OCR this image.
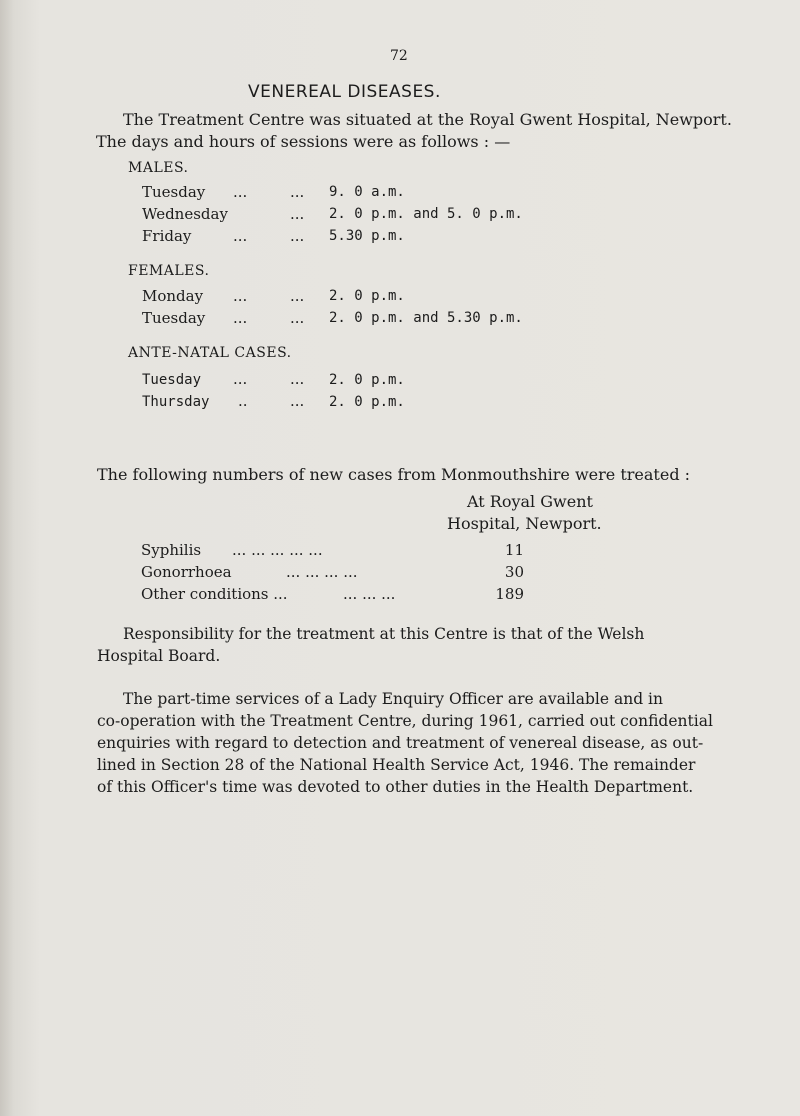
72
VENEREAL DISEASES.
The Treatment Centre was situated at the Royal Gwent Hospital, Newport.
The days and hours of sessions were as follows : —
MALES.
Tuesday ...	... 9. 0 a.m.
Wednesday	... 2. 0 p.m. and 5. 0 p.m.
Friday	...	... 5.30 p.m.
FEMALES.
Monday ...	... 2. 0 p.m.
Tuesday ...	... 2. 0 p.m. and 5.30 p.m.
ANTE-NATAL CASES.
Tuesday ...	... 2. 0 p.m.
Thursday ..	... 2. 0 p.m.
The following numbers of new cases from Monmouthshire were treated :
At Royal Gwent
Hospital, Newport.
Syphilis ... ... ... ... ...	11
Gonorrhoea	... ... ... ...	30
Other conditions ...	... ... ...	189
Responsibility for the treatment at this Centre is that of the Welsh
Hospital Board.
The part-time services of a Lady Enquiry Officer are available and in
co-operation with the Treatment Centre, during 1961, carried out confidential
enquiries with regard to detection and treatment of venereal disease, as out-
lined in Section 28 of the National Health Service Act, 1946. The remainder
of this Officer's time was devoted to other duties in the Health Department.
